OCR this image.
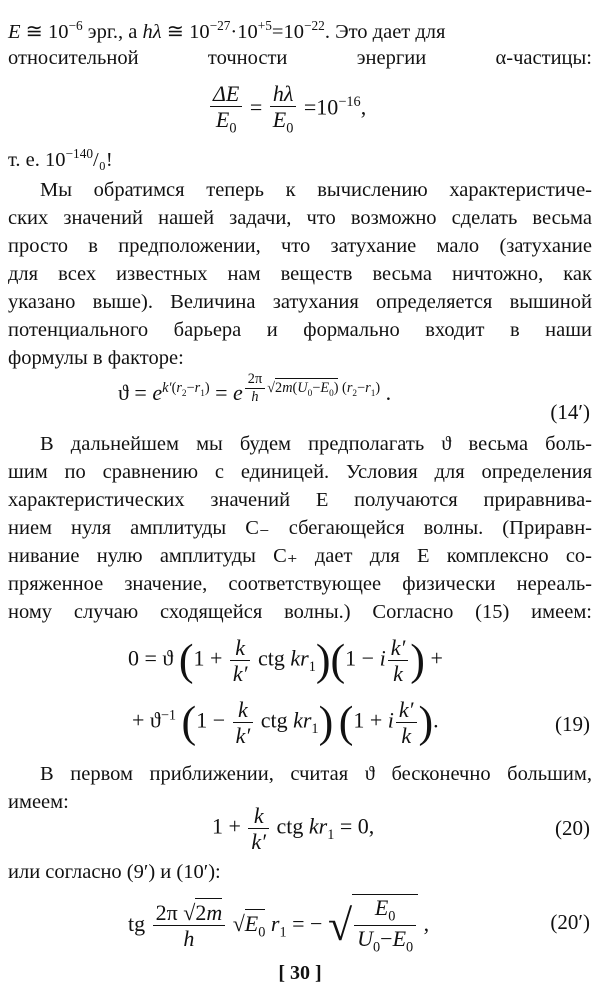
E ≅ $10^{-6}$ эрг., а hλ ≅ $10^{-27}\cdot 10^{+5}=10^{-22}$. Это дает для
относительной точности энергии α-частицы:
$\frac{\Delta E}{E_0} = \frac{h\lambda}{E_0} =10^{-16}$,
т. е. $10^{-140}/_0$!
Мы обратимся теперь к вычислению характеристиче-
ских значений нашей задачи, что возможно сделать весьма
просто в предположении, что затухание мало (затухание
для всех известных нам веществ весьма ничтожно, как
указано выше). Величина затухания определяется вышиной
потенциального барьера и формально входит в наши
формулы в факторе:
$ϑ = e^{k'(r_2-r_1)} = e$ $^{\frac{2\pi}{h} √2m(U_0-E_0) (r_2-r_1)}$ .
(14′)
В дальнейшем мы будем предполагать ϑ весьма боль-
шим по сравнению с единицей. Условия для определения
характеристических значений E получаются приравнива-
нием нуля амплитуды C₋ сбегающейся волны. (Приравн-
нивание нулю амплитуды C₊ дает для E комплексно со-
пряженное значение, соответствующее физически нереаль-
ному случаю сходящейся волны.) Согласно (15) имеем:
0 = ϑ ($1 + \frac{k}{k'}$ ctg $kr_1)(1 - i \frac{k'}{k}$ ) +
+ $ϑ^{-1}$ ($1 - \frac{k}{k'}$ ctg $kr_1$) (1 + i $\frac{k'}{k}$ ).	(19)
В первом приближении, считая ϑ бесконечно большим,
имеем:
$1 + \frac{k}{k'}$ ctg $kr_1 = 0$,	(20)
или согласно (9′) и (10′):
tg $\frac{2\pi √2m}{h} √E_0$ $r_1$ = − √ $\frac{E_0}{U_0-E_0}$ ,	(20′)
[ 30 ]
